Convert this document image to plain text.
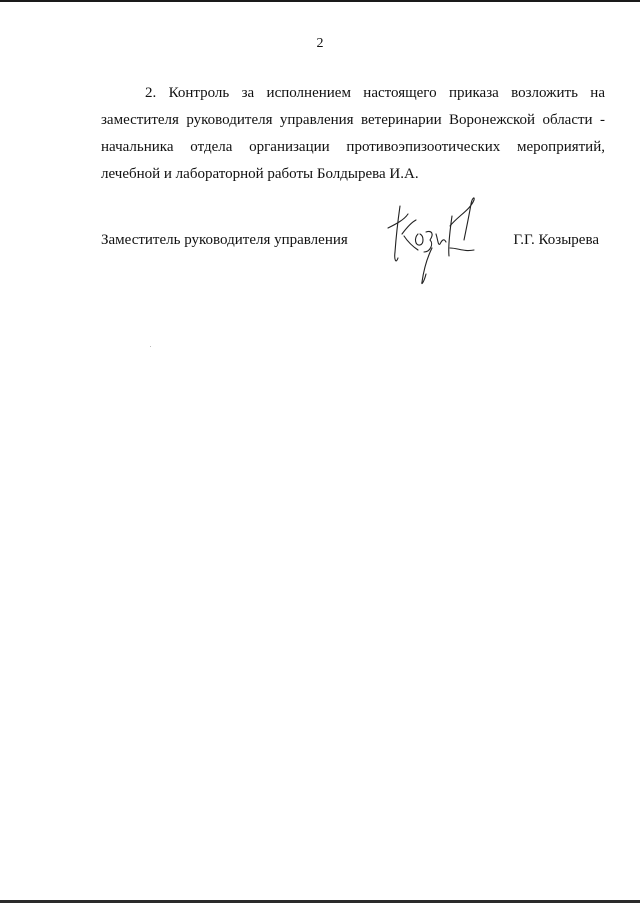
2
2. Контроль за исполнением настоящего приказа возложить на
заместителя руководителя управления ветеринарии Воронежской области -
начальника отдела организации противоэпизоотических мероприятий,
лечебной и лабораторной работы Болдырева И.А.
Заместитель руководителя управления	Г.Г. Козырева
